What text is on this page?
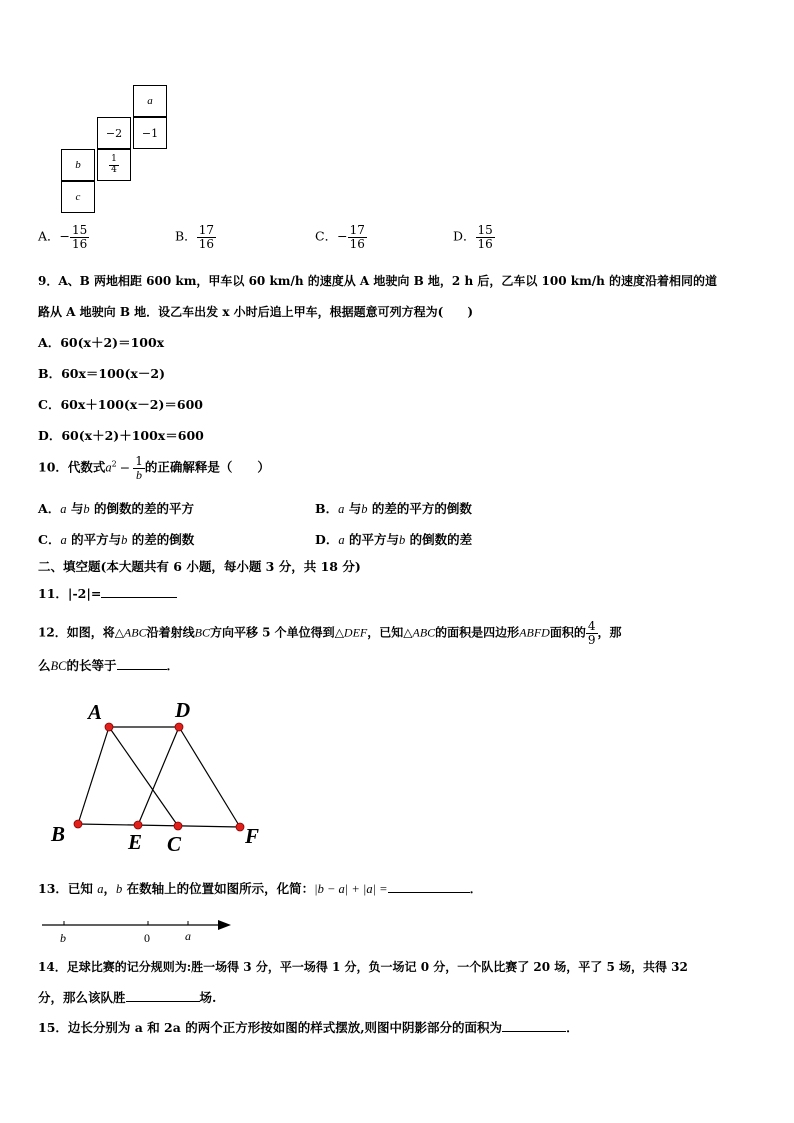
a
−2	−1
b	$\frac{1}{4}$
c
A．− $\frac{15}{16}$	B． $\frac{17}{16}$	C．− $\frac{17}{16}$	D． $\frac{15}{16}$
9．A、B 两地相距 600 km，甲车以 60 km/h 的速度从 A 地驶向 B 地，2 h 后，乙车以 100 km/h 的速度沿着相同的道
路从 A 地驶向 B 地．设乙车出发 x 小时后追上甲车，根据题意可列方程为(　　)
A．60(x＋2)＝100x
B．60x＝100(x－2)
C．60x＋100(x－2)＝600
D．60(x＋2)＋100x＝600
10．代数式$a^2 - \frac{1}{b}$ 的正确解释是（　　）
A．a 与b 的倒数的差的平方	B．a 与b 的差的平方的倒数
C．a 的平方与b 的差的倒数	D．a 的平方与b 的倒数的差
二、填空题(本大题共有 6 小题，每小题 3 分，共 18 分)
11．|-2|=
12．如图，将△ABC沿着射线BC方向平移 5 个单位得到△DEF，已知△ABC的面积是四边形ABFD面积的 $\frac{4}{9}$ ，那
么BC的长等于	．
A	D
B	E C	F
13．已知 a，b 在数轴上的位置如图所示，化简：|b − a| + |a| =	．
b	0	a
14．足球比赛的记分规则为:胜一场得 3 分，平一场得 1 分，负一场记 0 分，一个队比赛了 20 场，平了 5 场，共得 32
分，那么该队胜	场.
15．边长分别为 a 和 2a 的两个正方形按如图的样式摆放,则图中阴影部分的面积为	．
